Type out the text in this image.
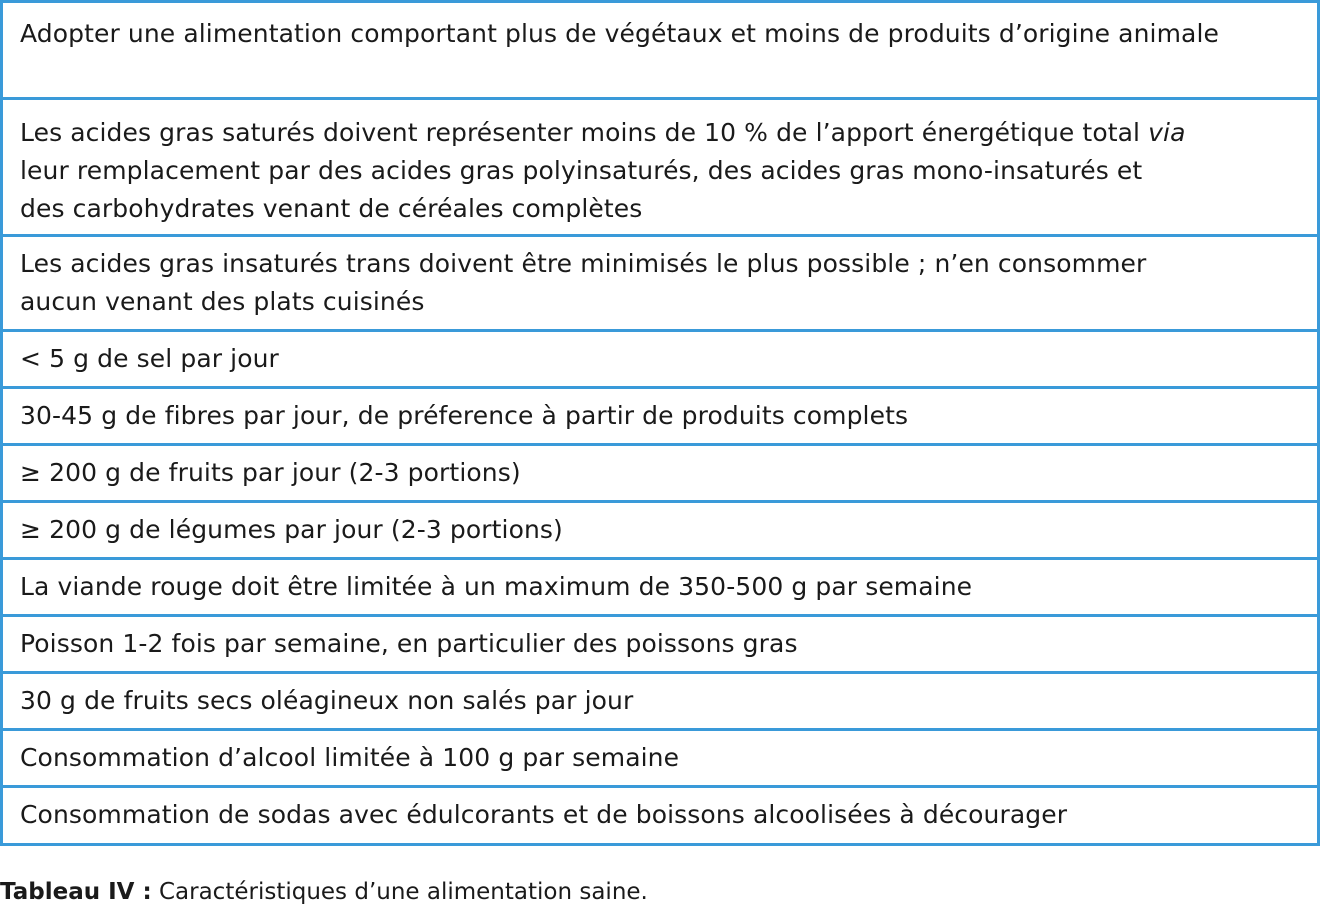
Adopter une alimentation comportant plus de végétaux et moins de produits d’origine animale
Les acides gras saturés doivent représenter moins de 10 % de l’apport énergétique total via
leur remplacement par des acides gras polyinsaturés, des acides gras mono-insaturés et
des carbohydrates venant de céréales complètes
Les acides gras insaturés trans doivent être minimisés le plus possible ; n’en consommer
aucun venant des plats cuisinés
< 5 g de sel par jour
30-45 g de fibres par jour, de préference à partir de produits complets
≥ 200 g de fruits par jour (2-3 portions)
≥ 200 g de légumes par jour (2-3 portions)
La viande rouge doit être limitée à un maximum de 350-500 g par semaine
Poisson 1-2 fois par semaine, en particulier des poissons gras
30 g de fruits secs oléagineux non salés par jour
Consommation d’alcool limitée à 100 g par semaine
Consommation de sodas avec édulcorants et de boissons alcoolisées à décourager
Tableau IV : Caractéristiques d’une alimentation saine.
